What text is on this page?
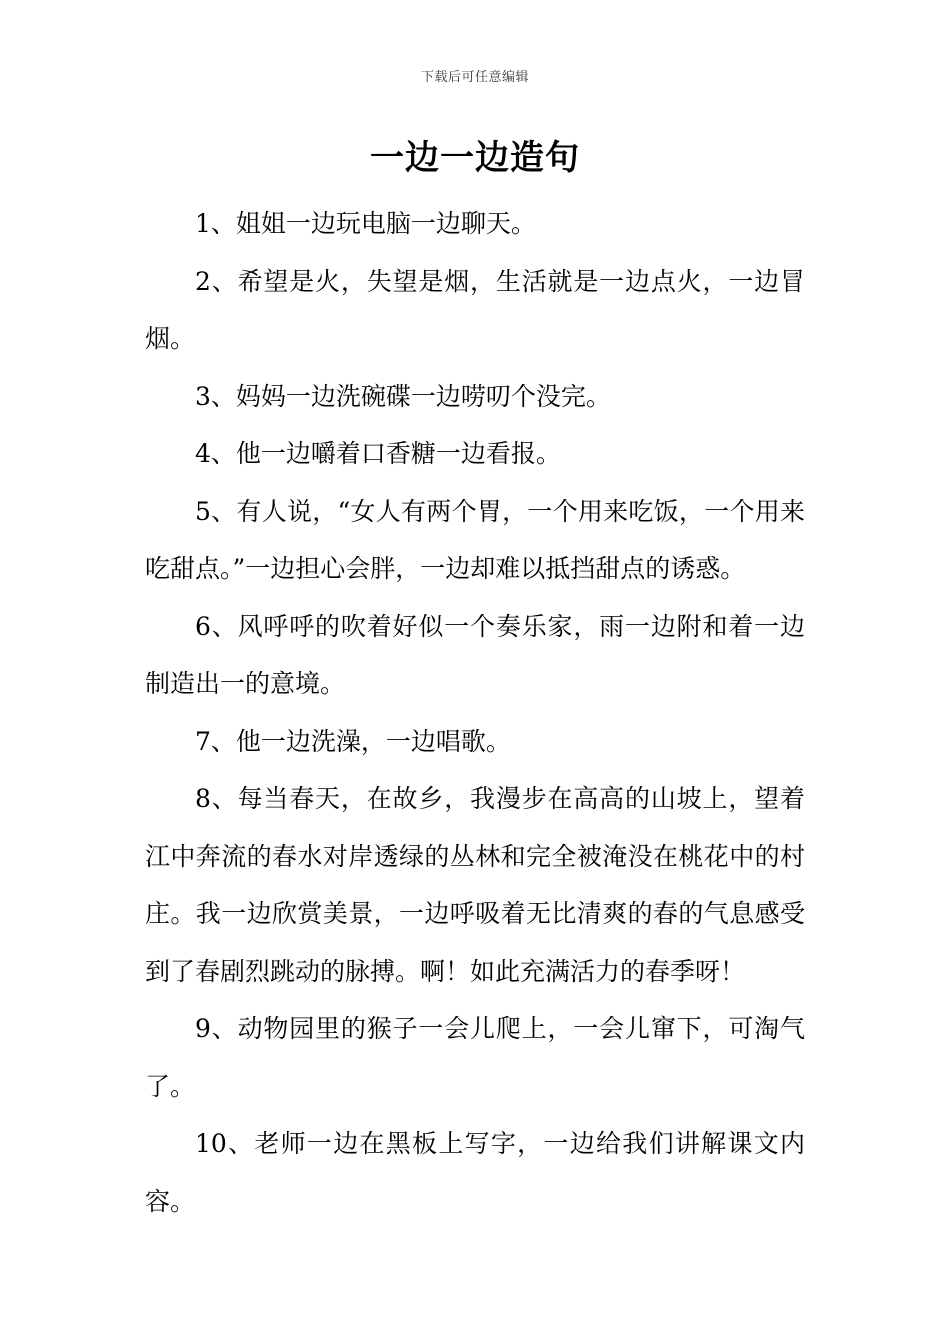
下载后可任意编辑
一边一边造句

1、姐姐一边玩电脑一边聊天。

2、希望是火，失望是烟，生活就是一边点火，一边冒烟。

3、妈妈一边洗碗碟一边唠叨个没完。

4、他一边嚼着口香糖一边看报。

5、有人说，“女人有两个胃，一个用来吃饭，一个用来吃甜点。”一边担心会胖，一边却难以抵挡甜点的诱惑。

6、风呼呼的吹着好似一个奏乐家，雨一边附和着一边制造出一的意境。

7、他一边洗澡，一边唱歌。

8、每当春天，在故乡，我漫步在高高的山坡上，望着江中奔流的春水对岸透绿的丛林和完全被淹没在桃花中的村庄。我一边欣赏美景，一边呼吸着无比清爽的春的气息感受到了春剧烈跳动的脉搏。啊！如此充满活力的春季呀！

9、动物园里的猴子一会儿爬上，一会儿窜下，可淘气了。

10、老师一边在黑板上写字，一边给我们讲解课文内容。
